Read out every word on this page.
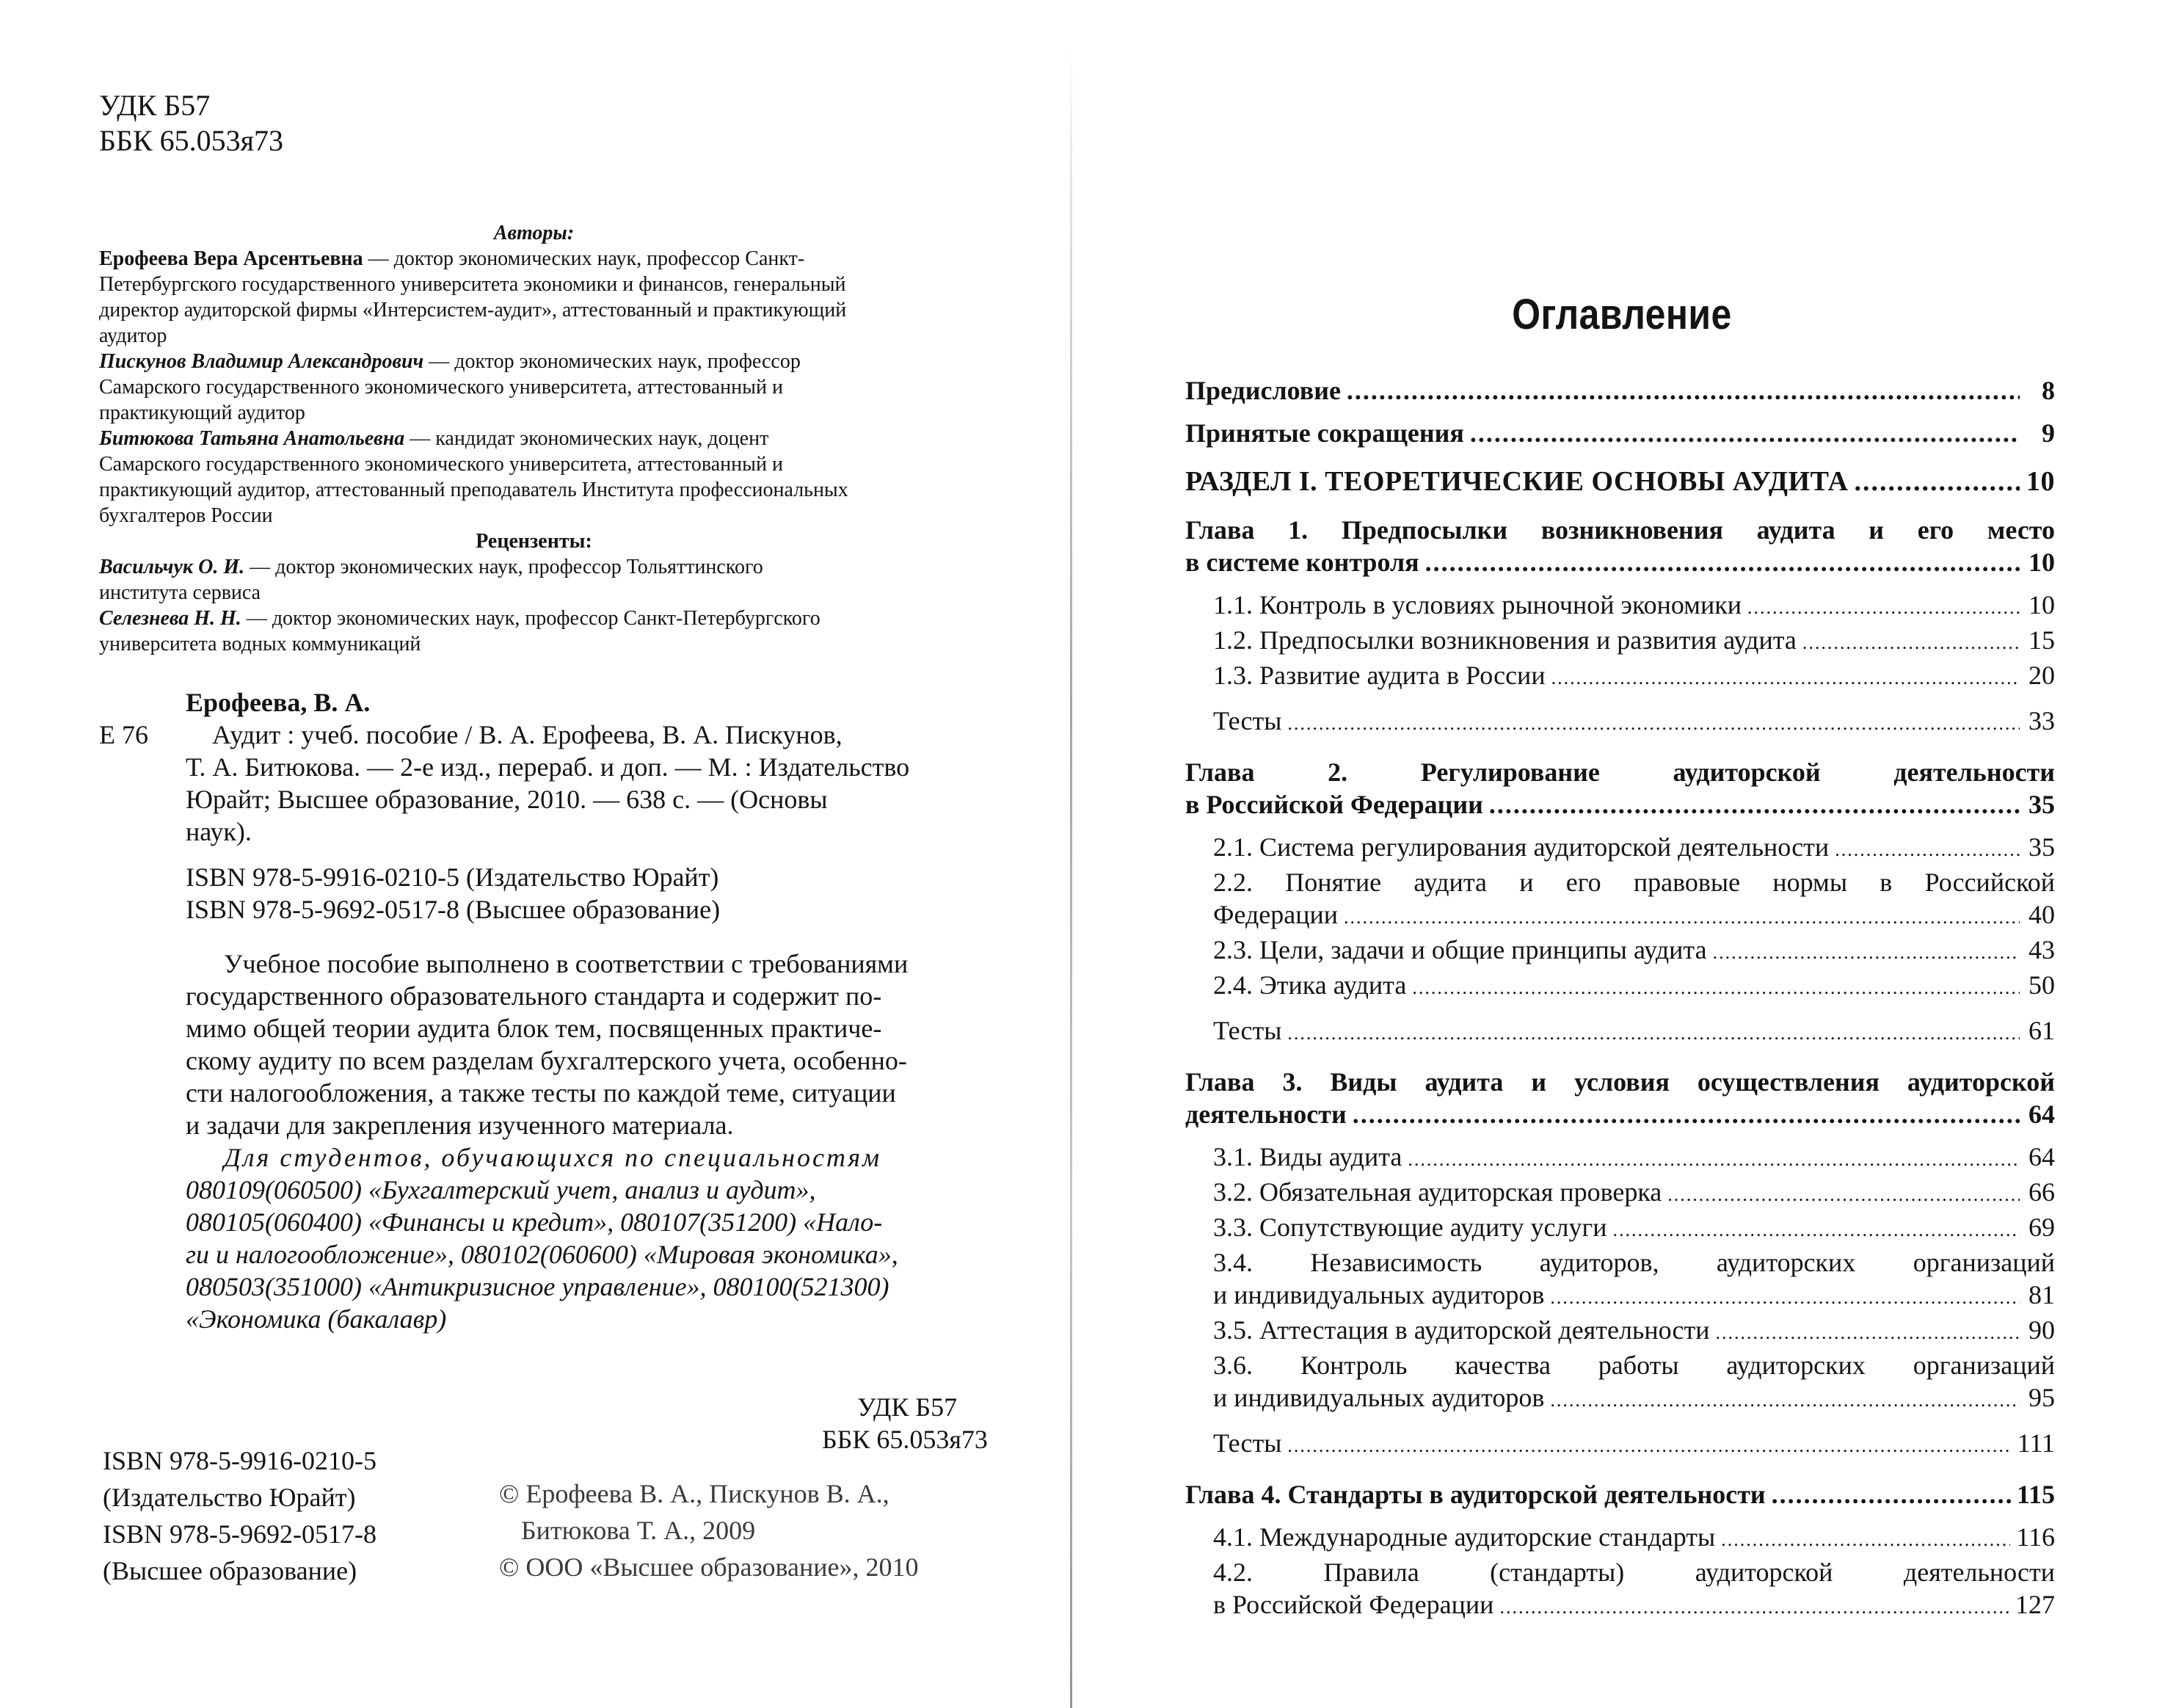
УДК Б57
ББК 65.053я73
Авторы:
Ерофеева Вера Арсентьевна — доктор экономических наук, профессор Санкт-
Петербургского государственного университета экономики и финансов, генеральный
директор аудиторской фирмы «Интерсистем-аудит», аттестованный и практикующий
аудитор
Пискунов Владимир Александрович — доктор экономических наук, профессор
Самарского государственного экономического университета, аттестованный и
практикующий аудитор
Битюкова Татьяна Анатольевна — кандидат экономических наук, доцент
Самарского государственного экономического университета, аттестованный и
практикующий аудитор, аттестованный преподаватель Института профессиональных
бухгалтеров России
Рецензенты:
Васильчук О. И. — доктор экономических наук, профессор Тольяттинского
института сервиса
Селезнева Н. Н. — доктор экономических наук, профессор Санкт-Петербургского
университета водных коммуникаций
Ерофеева, В. А.
Е 76	Аудит : учеб. пособие / В. А. Ерофеева, В. А. Пискунов,
Т. А. Битюкова. — 2-е изд., перераб. и доп. — М. : Издательство
Юрайт; Высшее образование, 2010. — 638 с. — (Основы
наук).
ISBN 978-5-9916-0210-5 (Издательство Юрайт)
ISBN 978-5-9692-0517-8 (Высшее образование)
Учебное пособие выполнено в соответствии с требованиями
государственного образовательного стандарта и содержит по-
мимо общей теории аудита блок тем, посвященных практиче-
скому аудиту по всем разделам бухгалтерского учета, особенно-
сти налогообложения, а также тесты по каждой теме, ситуации
и задачи для закрепления изученного материала.
Для студентов, обучающихся по специальностям
080109(060500) «Бухгалтерский учет, анализ и аудит»,
080105(060400) «Финансы и кредит», 080107(351200) «Нало-
ги и налогообложение», 080102(060600) «Мировая экономика»,
080503(351000) «Антикризисное управление», 080100(521300)
«Экономика (бакалавр)
УДК Б57
ББК 65.053я73
ISBN 978-5-9916-0210-5
(Издательство Юрайт)
ISBN 978-5-9692-0517-8
(Высшее образование)
© Ерофеева В. А., Пискунов В. А.,
Битюкова Т. А., 2009
© ООО «Высшее образование», 2010
Оглавление
Предисловие .....	8
Принятые сокращения .....	9
РАЗДЕЛ I. ТЕОРЕТИЧЕСКИЕ ОСНОВЫ АУДИТА .....	10
Глава 1. Предпосылки возникновения аудита и его место
в системе контроля .....	10
1.1. Контроль в условиях рыночной экономики .....	10
1.2. Предпосылки возникновения и развития аудита .....	15
1.3. Развитие аудита в России .....	20
Тесты .....	33
Глава 2. Регулирование аудиторской деятельности
в Российской Федерации .....	35
2.1. Система регулирования аудиторской деятельности .....	35
2.2. Понятие аудита и его правовые нормы в Российской
Федерации .....	40
2.3. Цели, задачи и общие принципы аудита .....	43
2.4. Этика аудита .....	50
Тесты .....	61
Глава 3. Виды аудита и условия осуществления аудиторской
деятельности .....	64
3.1. Виды аудита .....	64
3.2. Обязательная аудиторская проверка .....	66
3.3. Сопутствующие аудиту услуги .....	69
3.4. Независимость аудиторов, аудиторских организаций
и индивидуальных аудиторов .....	81
3.5. Аттестация в аудиторской деятельности .....	90
3.6. Контроль качества работы аудиторских организаций
и индивидуальных аудиторов .....	95
Тесты .....	111
Глава 4. Стандарты в аудиторской деятельности .....	115
4.1. Международные аудиторские стандарты .....	116
4.2. Правила (стандарты) аудиторской деятельности
в Российской Федерации .....	127
